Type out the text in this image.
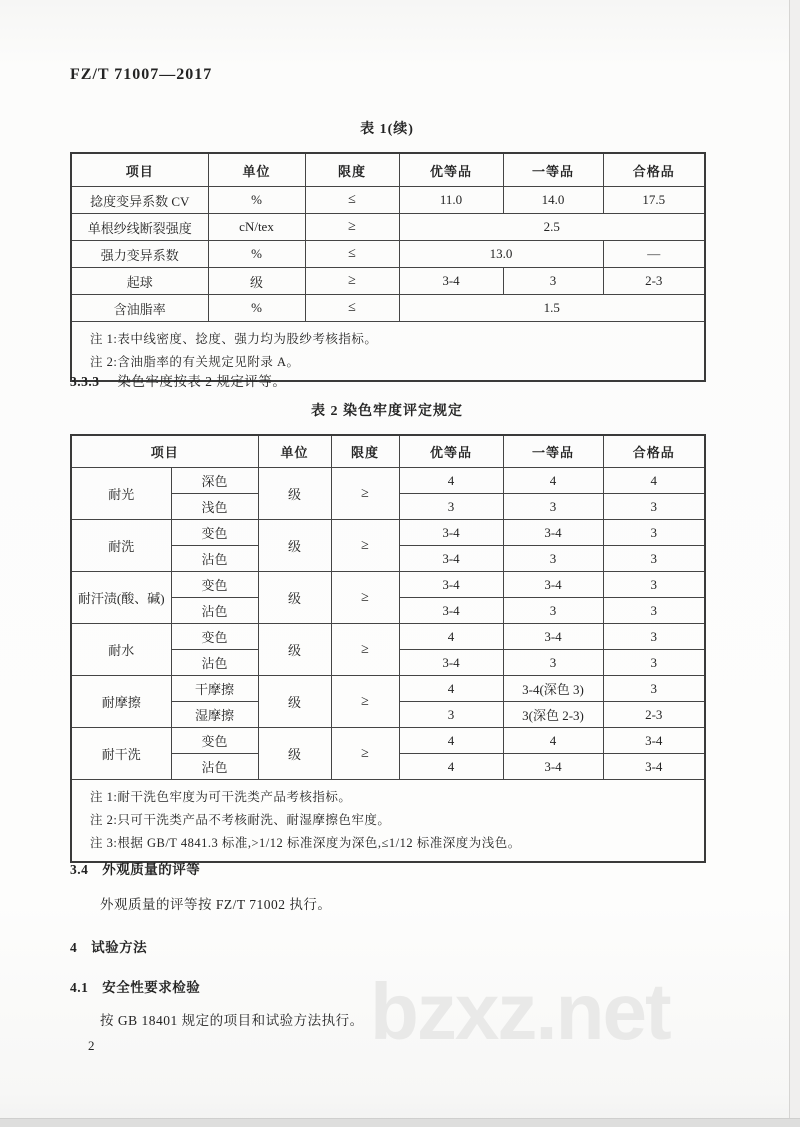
bzxz.net
FZ/T 71007—2017
表 1(续)
项目	单位	限度	优等品	一等品	合格品
捻度变异系数 CV	%	≤	11.0	14.0	17.5
单根纱线断裂强度	cN/tex	≥	2.5		
强力变异系数	%	≤	13.0		—
起球	级	≥	3-4	3	2-3
含油脂率	%	≤	1.5		

注 1:表中线密度、捻度、强力均为股纱考核指标。
注 2:含油脂率的有关规定见附录 A。					
3.3.3 染色牢度按表 2 规定评等。
表 2 染色牢度评定规定
项目		单位	限度	优等品	一等品	合格品
耐光	深色	级	≥	4	4	4
	浅色			3	3	3
耐洗	变色	级	≥	3-4	3-4	3
	沾色			3-4	3	3
耐汗渍(酸、碱)	变色	级	≥	3-4	3-4	3
	沾色			3-4	3	3
耐水	变色	级	≥	4	3-4	3
	沾色			3-4	3	3
耐摩擦	干摩擦	级	≥	4	3-4(深色 3)	3
	湿摩擦			3	3(深色 2-3)	2-3
耐干洗	变色	级	≥	4	4	3-4
	沾色			4	3-4	3-4

注 1:耐干洗色牢度为可干洗类产品考核指标。
注 2:只可干洗类产品不考核耐洗、耐湿摩擦色牢度。
注 3:根据 GB/T 4841.3 标准,>1/12 标准深度为深色,≤1/12 标准深度为浅色。						
3.4 外观质量的评等
外观质量的评等按 FZ/T 71002 执行。
4 试验方法
4.1 安全性要求检验
按 GB 18401 规定的项目和试验方法执行。
2
